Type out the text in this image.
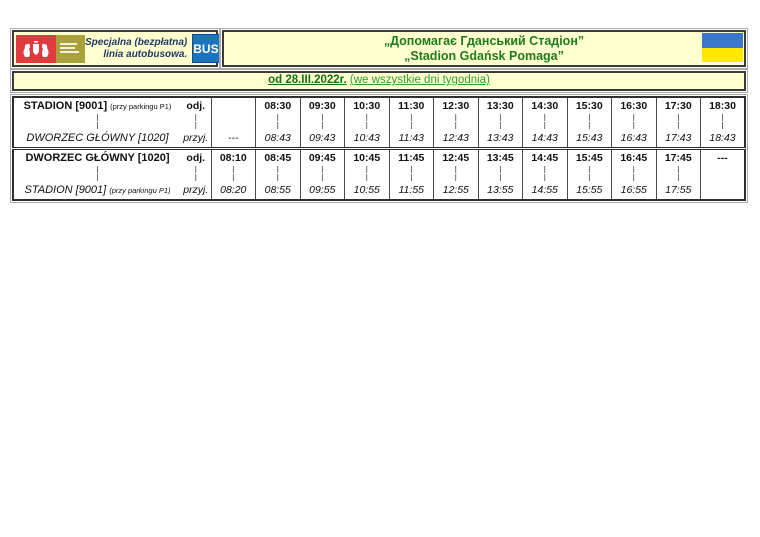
Specjalna (bezpłatna)
linia autobusowa. BUS
„Допомагає Гданський Стадіон”
„Stadion Gdańsk Pomaga”
od 28.III.2022r. (we wszystkie dni tygodnia)
STADION [9001] (przy parkingu P1)	odj.		08:30	09:30	10:30	11:30	12:30	13:30	14:30	15:30	16:30	17:30	18:30
|	|		|	|	|	|	|	|	|	|	|	|	|
|	|		|	|	|	|	|	|	|	|	|	|	|
DWORZEC GŁÓWNY [1020]	przyj.	---	08:43	09:43	10:43	11:43	12:43	13:43	14:43	15:43	16:43	17:43	18:43
DWORZEC GŁÓWNY [1020]	odj.	08:10	08:45	09:45	10:45	11:45	12:45	13:45	14:45	15:45	16:45	17:45	---
|	|	|	|	|	|	|	|	|	|	|	|	|	
|	|	|	|	|	|	|	|	|	|	|	|	|	
STADION [9001] (przy parkingu P1)	przyj.	08:20	08:55	09:55	10:55	11:55	12:55	13:55	14:55	15:55	16:55	17:55	
